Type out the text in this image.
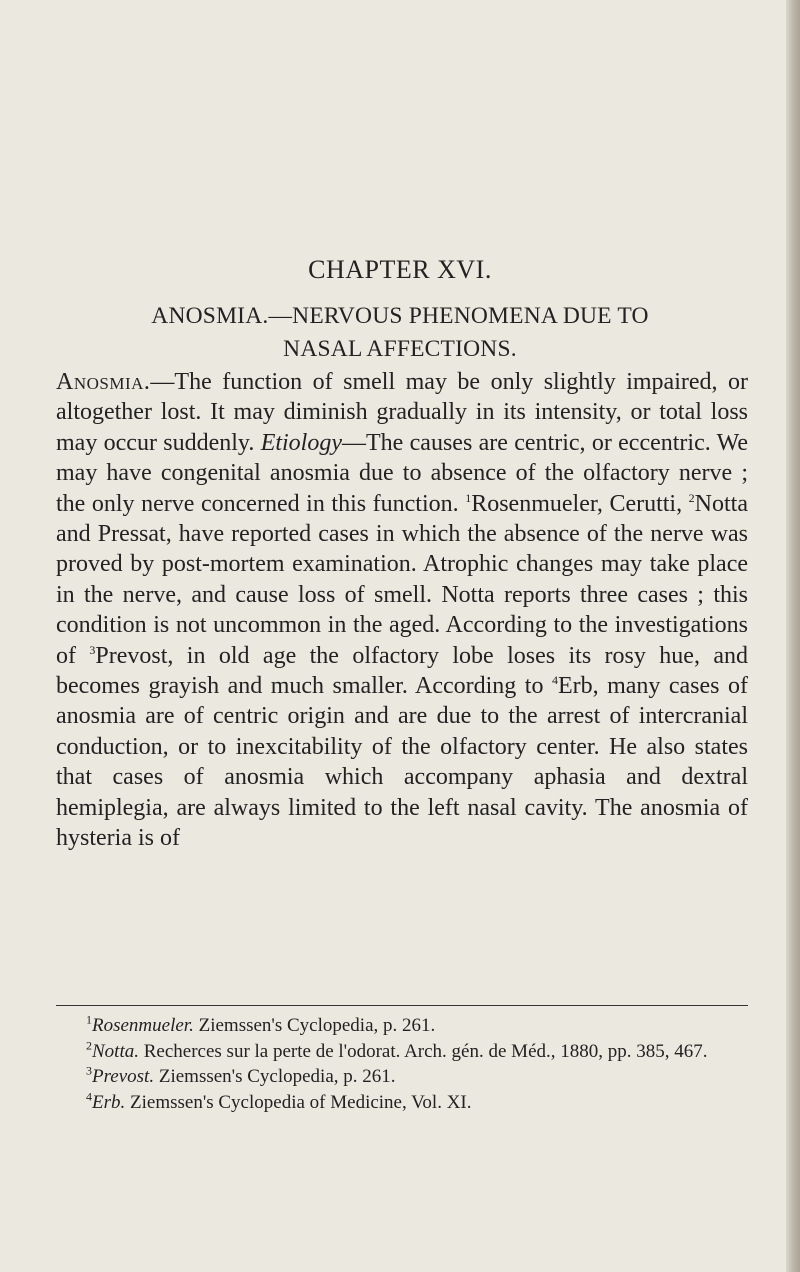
CHAPTER XVI.
ANOSMIA.—NERVOUS PHENOMENA DUE TO
NASAL AFFECTIONS.

Anosmia.—The function of smell may be only slightly impaired, or altogether lost. It may diminish gradually in its intensity, or total loss may occur suddenly. Etiology—The causes are centric, or eccentric. We may have congenital anosmia due to absence of the olfactory nerve ; the only nerve concerned in this function. $^1$Rosenmueler, Cerutti, $^2$Notta and Pressat, have reported cases in which the absence of the nerve was proved by post-mortem examination. Atrophic changes may take place in the nerve, and cause loss of smell. Notta reports three cases ; this condition is not uncommon in the aged. According to the investigations of $^3$Prevost, in old age the olfactory lobe loses its rosy hue, and becomes grayish and much smaller. According to $^4$Erb, many cases of anosmia are of centric origin and are due to the arrest of intercranial conduction, or to inexcitability of the olfactory center. He also states that cases of anosmia which accompany aphasia and dextral hemiplegia, are always limited to the left nasal cavity. The anosmia of hysteria is of

$^1$Rosenmueler. Ziemssen's Cyclopedia, p. 261.

$^2$Notta. Recherces sur la perte de l'odorat. Arch. gén. de Méd., 1880, pp. 385, 467.

$^3$Prevost. Ziemssen's Cyclopedia, p. 261.

$^4$Erb. Ziemssen's Cyclopedia of Medicine, Vol. XI.
